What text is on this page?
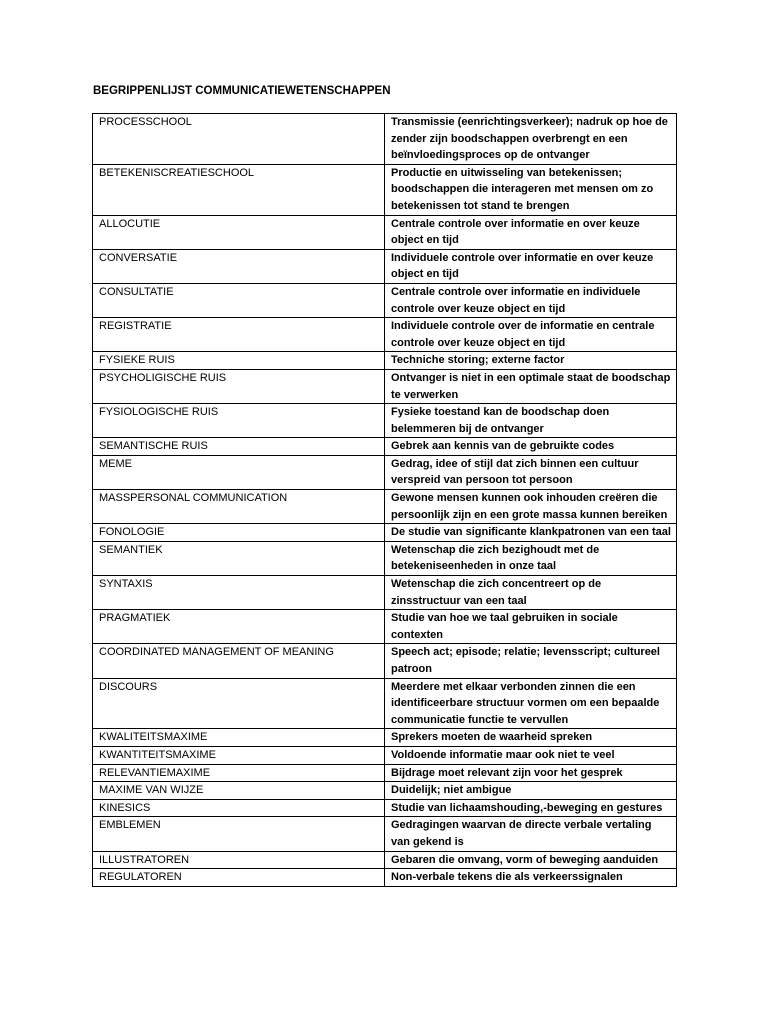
BEGRIPPENLIJST COMMUNICATIEWETENSCHAPPEN
PROCESSCHOOL	Transmissie (eenrichtingsverkeer); nadruk op hoe de zender zijn boodschappen overbrengt en een beïnvloedingsproces op de ontvanger
BETEKENISCREATIESCHOOL	Productie en uitwisseling van betekenissen; boodschappen die interageren met mensen om zo betekenissen tot stand te brengen
ALLOCUTIE	Centrale controle over informatie en over keuze object en tijd
CONVERSATIE	Individuele controle over informatie en over keuze object en tijd
CONSULTATIE	Centrale controle over informatie en individuele controle over keuze object en tijd
REGISTRATIE	Individuele controle over de informatie en centrale controle over keuze object en tijd
FYSIEKE RUIS	Techniche storing; externe factor
PSYCHOLIGISCHE RUIS	Ontvanger is niet in een optimale staat de boodschap te verwerken
FYSIOLOGISCHE RUIS	Fysieke toestand kan de boodschap doen belemmeren bij de ontvanger
SEMANTISCHE RUIS	Gebrek aan kennis van de gebruikte codes
MEME	Gedrag, idee of stijl dat zich binnen een cultuur verspreid van persoon tot persoon
MASSPERSONAL COMMUNICATION	Gewone mensen kunnen ook inhouden creëren die persoonlijk zijn en een grote massa kunnen bereiken
FONOLOGIE	De studie van significante klankpatronen van een taal
SEMANTIEK	Wetenschap die zich bezighoudt met de betekeniseenheden in onze taal
SYNTAXIS	Wetenschap die zich concentreert op de zinsstructuur van een taal
PRAGMATIEK	Studie van hoe we taal gebruiken in sociale contexten
COORDINATED MANAGEMENT OF MEANING	Speech act; episode; relatie; levensscript; cultureel patroon
DISCOURS	Meerdere met elkaar verbonden zinnen die een identificeerbare structuur vormen om een bepaalde communicatie functie te vervullen
KWALITEITSMAXIME	Sprekers moeten de waarheid spreken
KWANTITEITSMAXIME	Voldoende informatie maar ook niet te veel
RELEVANTIEMAXIME	Bijdrage moet relevant zijn voor het gesprek
MAXIME VAN WIJZE	Duidelijk; niet ambigue
KINESICS	Studie van lichaamshouding,-beweging en gestures
EMBLEMEN	Gedragingen waarvan de directe verbale vertaling van gekend is
ILLUSTRATOREN	Gebaren die omvang, vorm of beweging aanduiden
REGULATOREN	Non-verbale tekens die als verkeerssignalen
